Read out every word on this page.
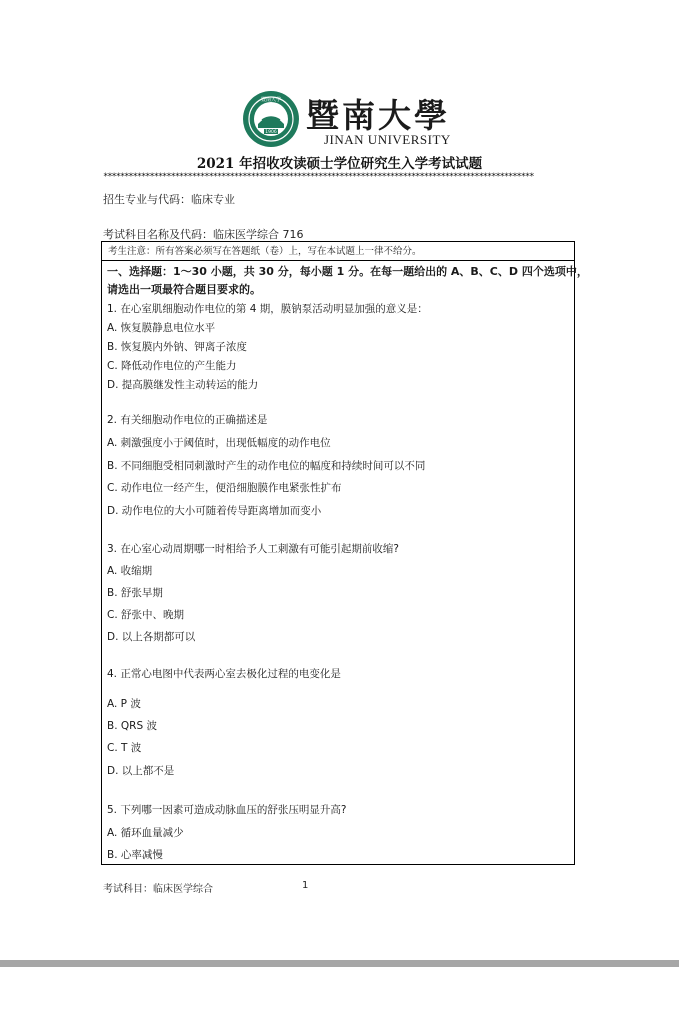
1906
暨南大学 暨南大學
JINAN UNIVERSITY
2021 年招收攻读硕士学位研究生入学考试试题
******************************************************************************************************
招生专业与代码：临床专业
考试科目名称及代码：临床医学综合 716
考生注意：所有答案必须写在答题纸（卷）上，写在本试题上一律不给分。
一、选择题：1～30 小题，共 30 分，每小题 1 分。在每一题给出的 A、B、C、D 四个选项中，
请选出一项最符合题目要求的。
1. 在心室肌细胞动作电位的第 4 期，膜钠泵活动明显加强的意义是：
A. 恢复膜静息电位水平
B. 恢复膜内外钠、钾离子浓度
C. 降低动作电位的产生能力
D. 提高膜继发性主动转运的能力
2. 有关细胞动作电位的正确描述是
A. 刺激强度小于阈值时，出现低幅度的动作电位
B. 不同细胞受相同刺激时产生的动作电位的幅度和持续时间可以不同
C. 动作电位一经产生，便沿细胞膜作电紧张性扩布
D. 动作电位的大小可随着传导距离增加而变小
3. 在心室心动周期哪一时相给予人工刺激有可能引起期前收缩?
A. 收缩期
B. 舒张早期
C. 舒张中、晚期
D. 以上各期都可以
4. 正常心电图中代表两心室去极化过程的电变化是
A. P 波
B. QRS 波
C. T 波
D. 以上都不是
5. 下列哪一因素可造成动脉血压的舒张压明显升高?
A. 循环血量减少
B. 心率减慢
考试科目：临床医学综合	1
